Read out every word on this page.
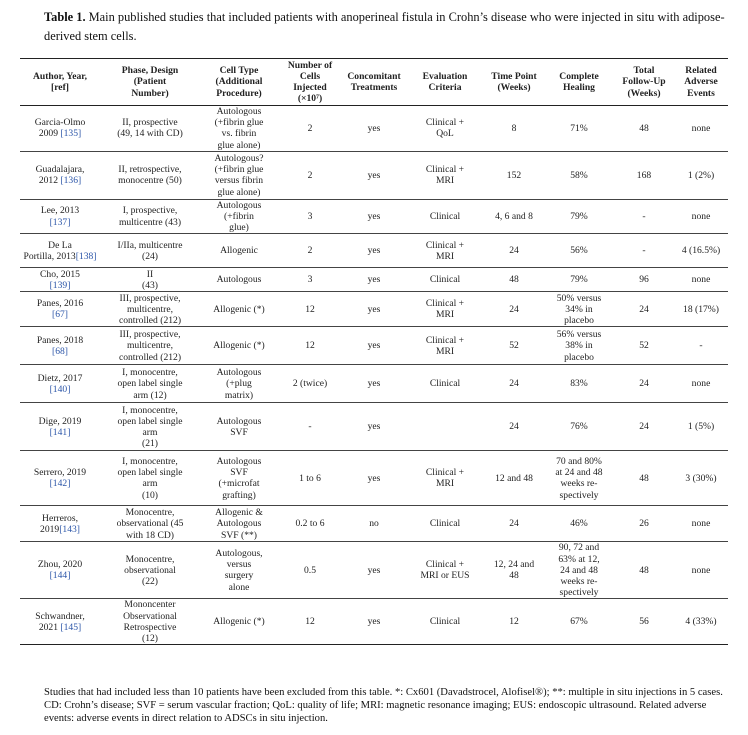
Table 1. Main published studies that included patients with anoperineal fistula in Crohn’s disease who were injected in situ with adipose-derived stem cells.
Author, Year,
[ref]	Phase, Design
(Patient
Number)	Cell Type
(Additional
Procedure)	Number of
Cells
Injected
(×10⁷)	Concomitant
Treatments	Evaluation
Criteria	Time Point
(Weeks)	Complete
Healing	Total
Follow-Up
(Weeks)	Related
Adverse
Events
Garcia-Olmo
2009 [135]	II, prospective
(49, 14 with CD)	Autologous
(+fibrin glue
vs. fibrin
glue alone)	2	yes	Clinical +
QoL	8	71%	48	none
Guadalajara,
2012 [136]	II, retrospective,
monocentre (50)	Autologous?
(+fibrin glue
versus fibrin
glue alone)	2	yes	Clinical +
MRI	152	58%	168	1 (2%)
Lee, 2013
[137]	I, prospective,
multicentre (43)	Autologous
(+fibrin
glue)	3	yes	Clinical	4, 6 and 8	79%	-	none
De La
Portilla, 2013[138]	I/IIa, multicentre
(24)	Allogenic	2	yes	Clinical +
MRI	24	56%	-	4 (16.5%)
Cho, 2015
[139]	II
(43)	Autologous	3	yes	Clinical	48	79%	96	none
Panes, 2016
[67]	III, prospective,
multicentre,
controlled (212)	Allogenic (*)	12	yes	Clinical +
MRI	24	50% versus
34% in
placebo	24	18 (17%)
Panes, 2018
[68]	III, prospective,
multicentre,
controlled (212)	Allogenic (*)	12	yes	Clinical +
MRI	52	56% versus
38% in
placebo	52	-
Dietz, 2017
[140]	I, monocentre,
open label single
arm (12)	Autologous
(+plug
matrix)	2 (twice)	yes	Clinical	24	83%	24	none
Dige, 2019
[141]	I, monocentre,
open label single
arm
(21)	Autologous
SVF	-	yes		24	76%	24	1 (5%)
Serrero, 2019
[142]	I, monocentre,
open label single
arm
(10)	Autologous
SVF
(+microfat
grafting)	1 to 6	yes	Clinical +
MRI	12 and 48	70 and 80%
at 24 and 48
weeks re-
spectively	48	3 (30%)
Herreros,
2019[143]	Monocentre,
observational (45
with 18 CD)	Allogenic &
Autologous
SVF (**)	0.2 to 6	no	Clinical	24	46%	26	none
Zhou, 2020
[144]	Monocentre,
observational
(22)	Autologous,
versus
surgery
alone	0.5	yes	Clinical +
MRI or EUS	12, 24 and
48	90, 72 and
63% at 12,
24 and 48
weeks re-
spectively	48	none
Schwandner,
2021 [145]	Mononcenter
Observational
Retrospective
(12)	Allogenic (*)	12	yes	Clinical	12	67%	56	4 (33%)
Studies that had included less than 10 patients have been excluded from this table. *: Cx601 (Davadstrocel, Alofisel®); **: multiple in situ injections in 5 cases. CD: Crohn’s disease; SVF = serum vascular fraction; QoL: quality of life; MRI: magnetic resonance imaging; EUS: endoscopic ultrasound. Related adverse events: adverse events in direct relation to ADSCs in situ injection.
